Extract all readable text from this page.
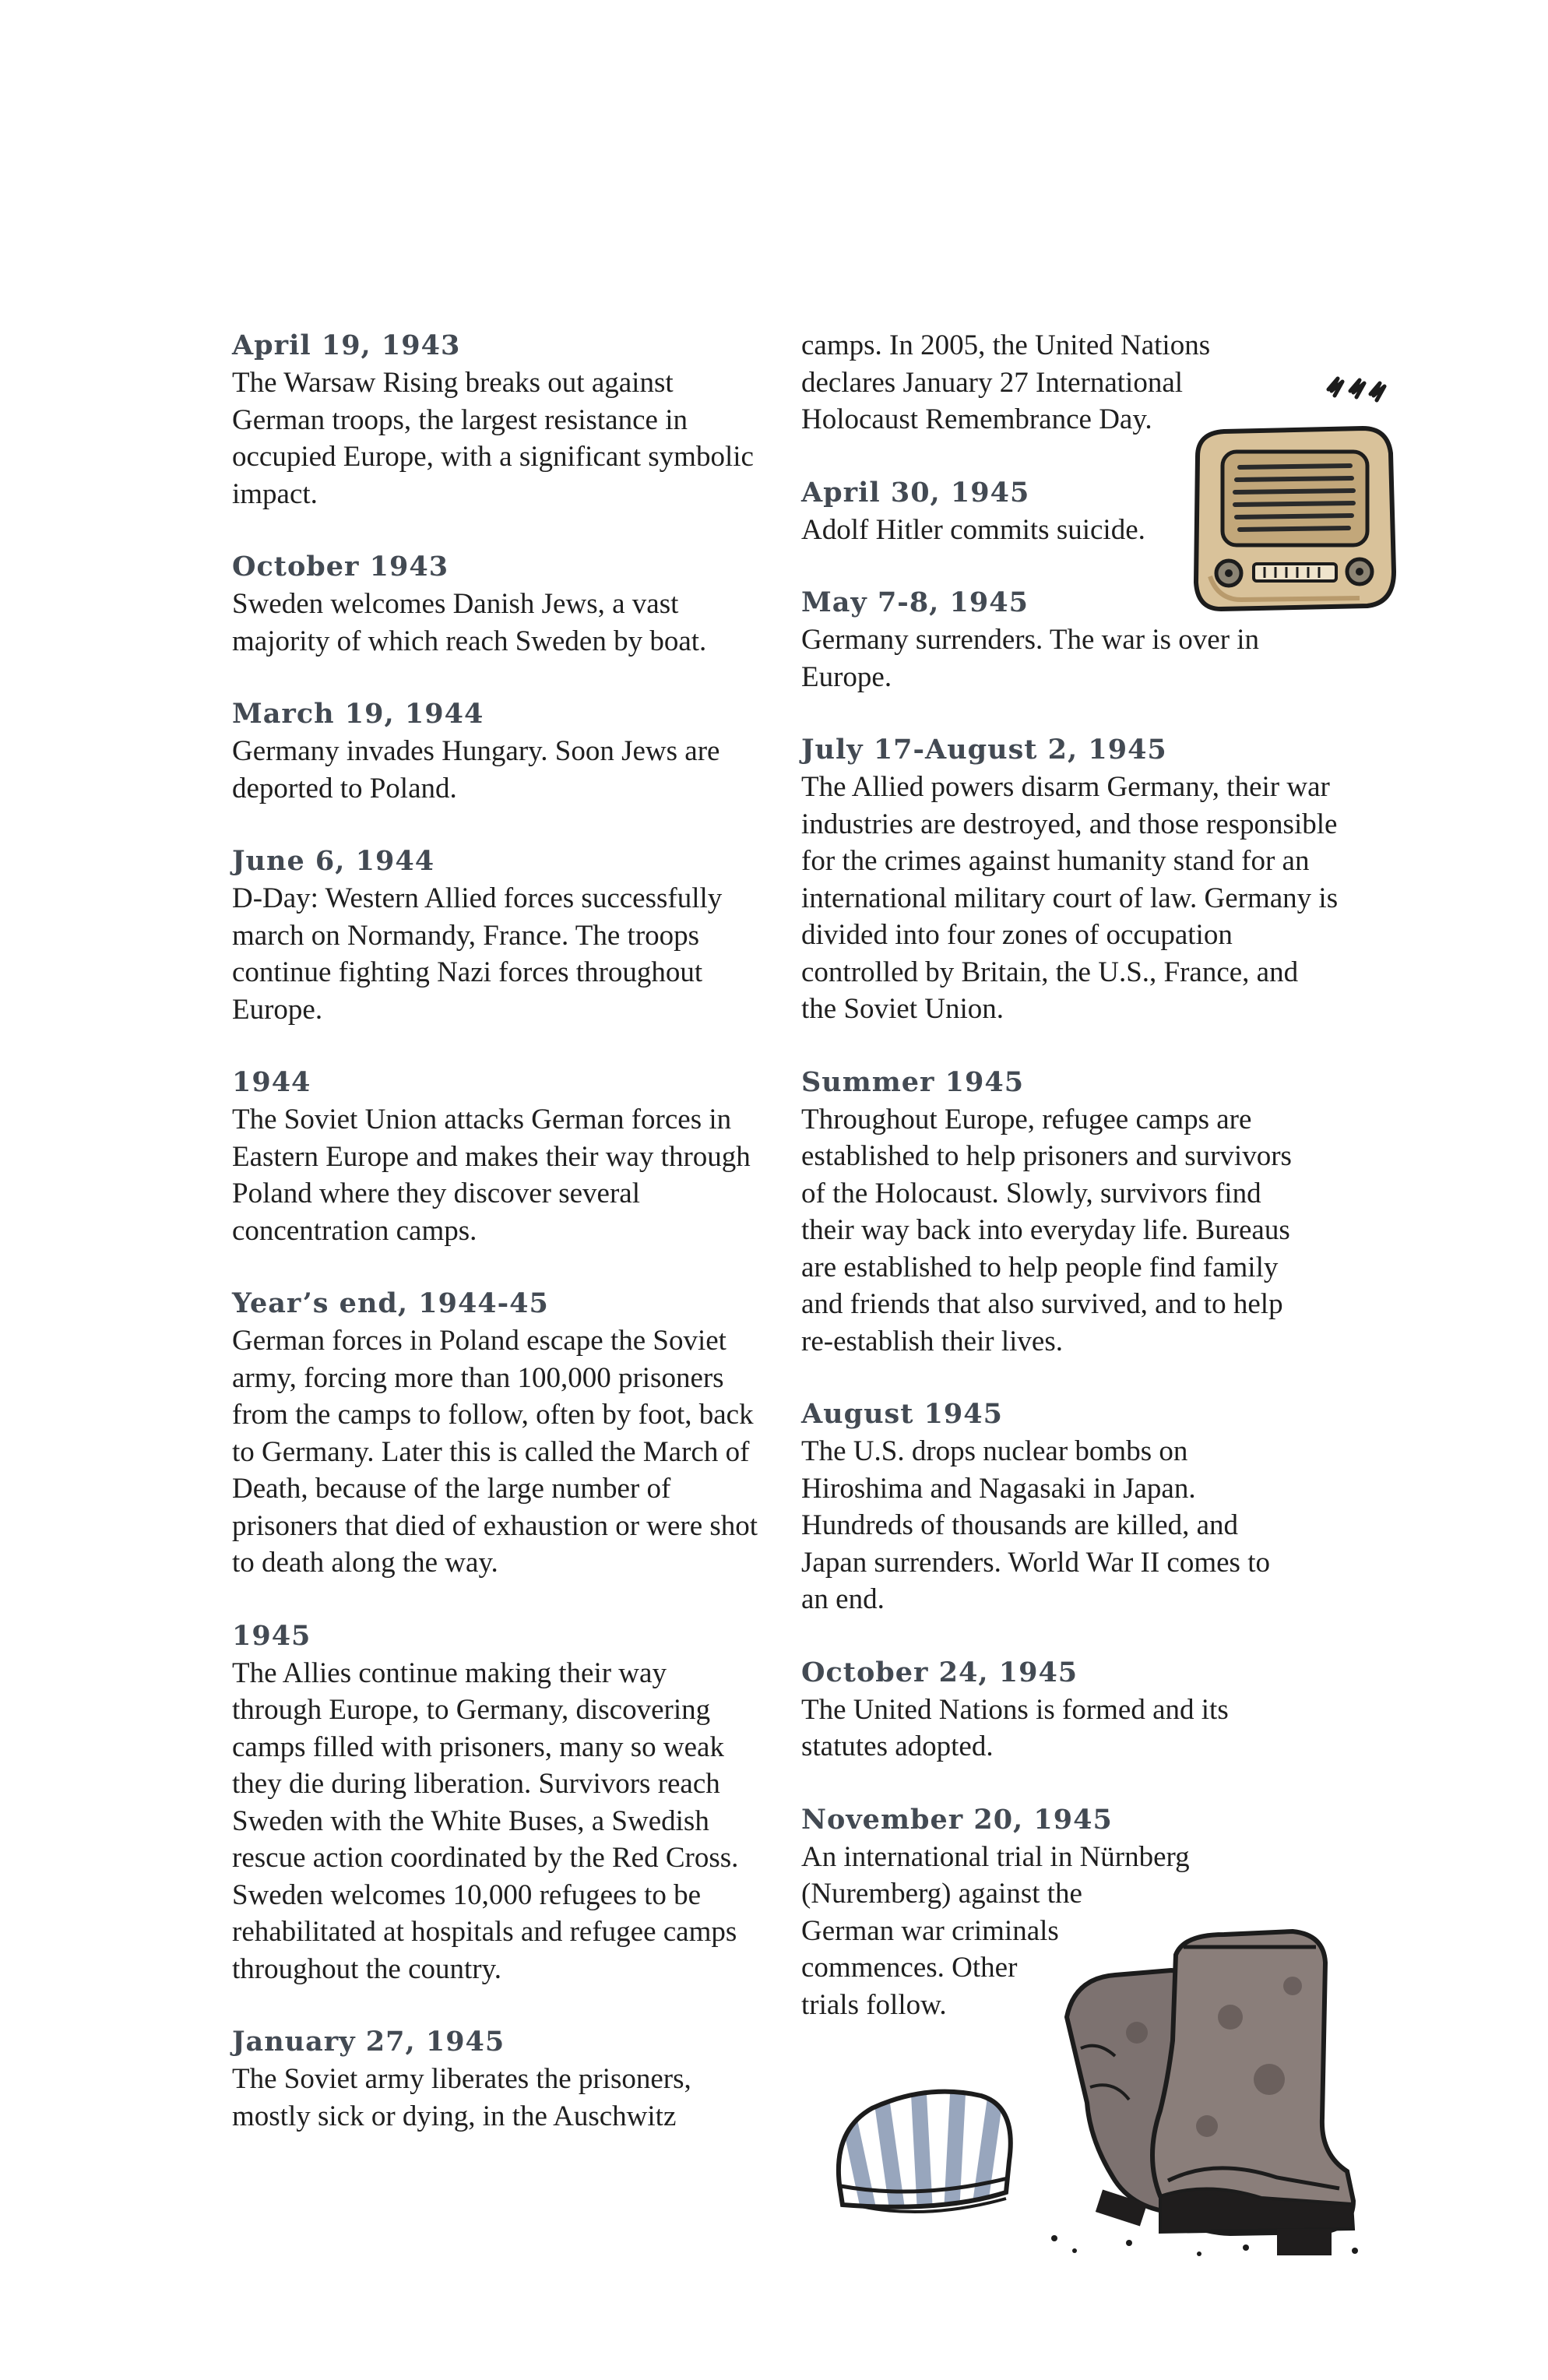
April 19, 1943

The Warsaw Rising breaks out against German troops, the largest resistance in occupied Europe, with a significant symbolic impact.

October 1943

Sweden welcomes Danish Jews, a vast majority of which reach Sweden by boat.

March 19, 1944

Germany invades Hungary. Soon Jews are deported to Poland.

June 6, 1944

D-Day: Western Allied forces successfully march on Normandy, France. The troops continue fighting Nazi forces throughout Europe.

1944

The Soviet Union attacks German forces in Eastern Europe and makes their way through Poland where they discover several concentration camps.

Year’s end, 1944-45

German forces in Poland escape the Soviet army, forcing more than 100,000 prisoners from the camps to follow, often by foot, back to Germany. Later this is called the March of Death, because of the large number of prisoners that died of exhaustion or were shot to death along the way.

1945

The Allies continue making their way through Europe, to Germany, discovering camps filled with prisoners, many so weak they die during liberation. Survivors reach Sweden with the White Buses, a Swedish rescue action coordinated by the Red Cross. Sweden welcomes 10,000 refugees to be rehabilitated at hospitals and refugee camps throughout the country.

January 27, 1945

The Soviet army liberates the prisoners, mostly sick or dying, in the Auschwitz

camps. In 2005, the United Nations declares January 27 International Holocaust Remembrance Day.

April 30, 1945

Adolf Hitler commits suicide.

May 7-8, 1945

Germany surrenders. The war is over in Europe.

July 17-August 2, 1945

The Allied powers disarm Germany, their war industries are destroyed, and those responsible for the crimes against humanity stand for an international military court of law. Germany is divided into four zones of occupation controlled by Britain, the U.S., France, and the Soviet Union.

Summer 1945

Throughout Europe, refugee camps are established to help prisoners and survivors of the Holocaust. Slowly, survivors find their way back into everyday life. Bureaus are established to help people find family and friends that also survived, and to help re-establish their lives.

August 1945

The U.S. drops nuclear bombs on Hiroshima and Nagasaki in Japan. Hundreds of thousands are killed, and Japan surrenders. World War II comes to an end.

October 24, 1945

The United Nations is formed and its statutes adopted.

November 20, 1945

An international trial in Nürnberg
(Nuremberg) against the
German war criminals
commences. Other
trials follow.
